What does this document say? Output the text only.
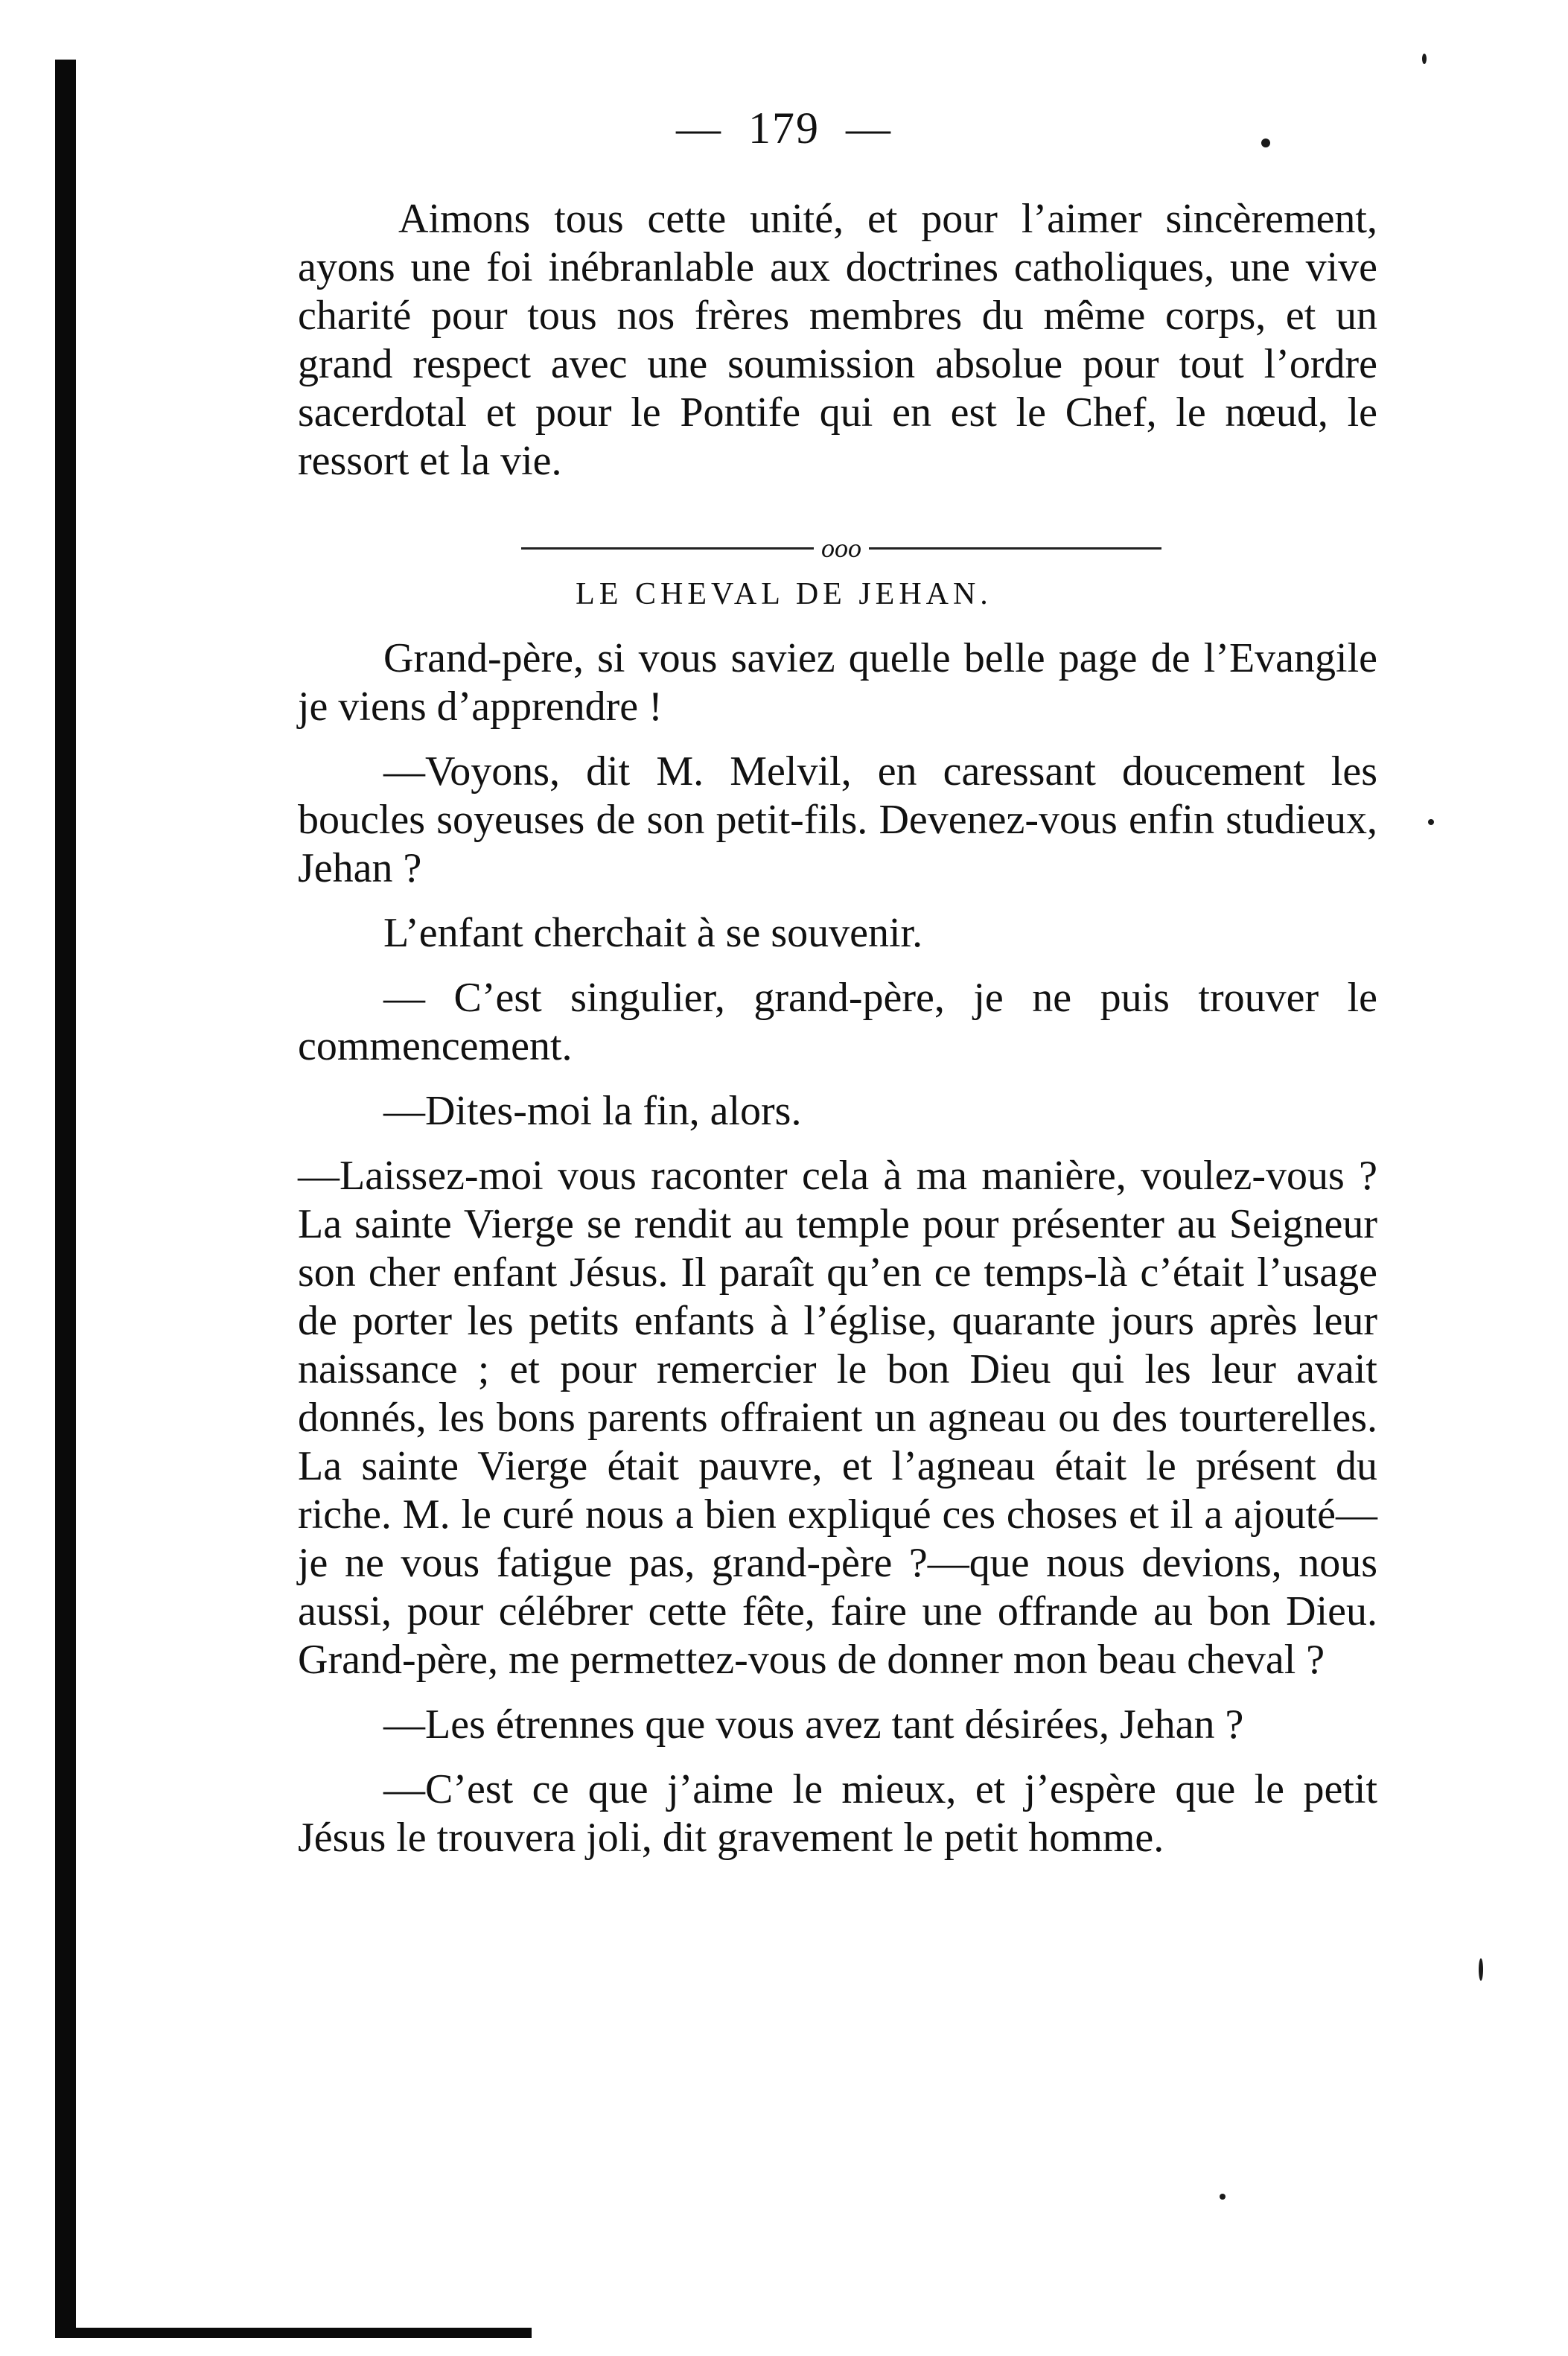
— 179 —
Aimons tous cette unité, et pour l’aimer sincèrement, ayons une foi inébranlable aux doctrines catholiques, une vive charité pour tous nos frères membres du même corps, et un grand respect avec une soumission absolue pour tout l’ordre sacerdotal et pour le Pontife qui en est le Chef, le nœud, le ressort et la vie.
ooo
LE CHEVAL DE JEHAN.

Grand-père, si vous saviez quelle belle page de l’Evangile je viens d’apprendre !

—Voyons, dit M. Melvil, en caressant doucement les boucles soyeuses de son petit-fils. Devenez-vous enfin studieux, Jehan ?

L’enfant cherchait à se souvenir.

— C’est singulier, grand-père, je ne puis trouver le commencement.

—Dites-moi la fin, alors.

—Laissez-moi vous raconter cela à ma manière, voulez-vous ? La sainte Vierge se rendit au temple pour présenter au Seigneur son cher enfant Jésus. Il paraît qu’en ce temps-là c’était l’usage de porter les petits enfants à l’église, quarante jours après leur naissance ; et pour remercier le bon Dieu qui les leur avait donnés, les bons parents offraient un agneau ou des tourterelles. La sainte Vierge était pauvre, et l’agneau était le présent du riche. M. le curé nous a bien expliqué ces choses et il a ajouté—je ne vous fatigue pas, grand-père ?—que nous devions, nous aussi, pour célébrer cette fête, faire une offrande au bon Dieu. Grand-père, me permettez-vous de donner mon beau cheval ?

—Les étrennes que vous avez tant désirées, Jehan ?

—C’est ce que j’aime le mieux, et j’espère que le petit Jésus le trouvera joli, dit gravement le petit homme.
